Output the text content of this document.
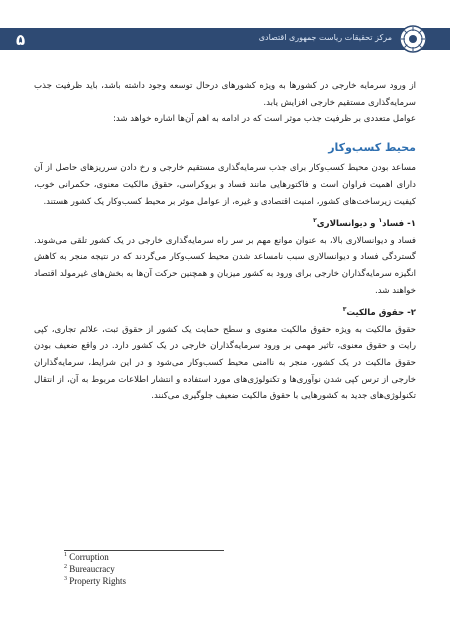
۵	مرکز تحقیقات ریاست جمهوری اقتصادی

از ورود سرمایه خارجی در کشورها به ویژه کشورهای درحال توسعه وجود داشته باشد، باید ظرفیت جذب سرمایه‌گذاری مستقیم خارجی افزایش یابد.

عوامل متعددی بر ظرفیت جذب موثر است که در ادامه به اهم آن‌ها اشاره خواهد شد:

محیط کسب‌وکار

مساعد بودن محیط کسب‌وکار برای جذب سرمایه‌گذاری مستقیم خارجی و رخ دادن سرریزهای حاصل از آن دارای اهمیت فراوان است و فاکتورهایی مانند فساد و بروکراسی، حقوق مالکیت معنوی، حکمرانی خوب، کیفیت زیرساخت‌های کشور، امنیت اقتصادی و غیره، از عوامل موثر بر محیط کسب‌وکار یک کشور هستند.

۱- فساد$^۱$ و دیوانسالاری$^۲$

فساد و دیوانسالاری بالا، به عنوان موانع مهم بر سر راه سرمایه‌گذاری خارجی در یک کشور تلقی می‌شوند. گستردگی فساد و دیوانسالاری سبب نامساعد شدن محیط کسب‌وکار می‌گردند که در نتیجه منجر به کاهش انگیزه سرمایه‌گذاران خارجی برای ورود به کشور میزبان و همچنین حرکت آن‌ها به بخش‌های غیرمولد اقتصاد خواهند شد.

۲- حقوق مالکیت$^۳$

حقوق مالکیت به ویژه حقوق مالکیت معنوی و سطح حمایت یک کشور از حقوق ثبت، علائم تجاری، کپی رایت و حقوق معنوی، تاثیر مهمی بر ورود سرمایه‌گذاران خارجی در یک کشور دارد. در واقع ضعیف بودن حقوق مالکیت در یک کشور، منجر به ناامنی محیط کسب‌وکار می‌شود و در این شرایط، سرمایه‌گذاران خارجی از ترس کپی شدن نوآوری‌ها و تکنولوژی‌های مورد استفاده و انتشار اطلاعات مربوط به آن، از انتقال تکنولوژی‌های جدید به کشورهایی با حقوق مالکیت ضعیف جلوگیری می‌کنند.

$^1$ Corruption
$^2$ Bureaucracy
$^3$ Property Rights
